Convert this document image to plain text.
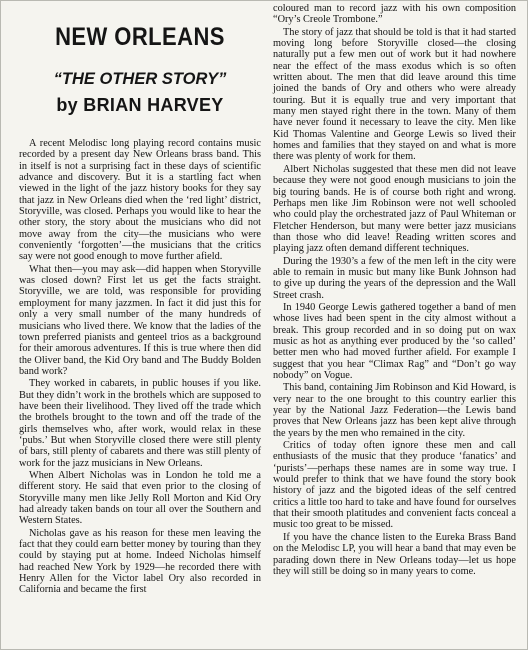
NEW ORLEANS
“THE OTHER STORY”
by BRIAN HARVEY

A recent Melodisc long playing record contains music recorded by a present day New Orleans brass band. This in itself is not a surprising fact in these days of scientific advance and discovery. But it is a startling fact when viewed in the light of the jazz history books for they say that jazz in New Orleans died when the ‘red light’ district, Storyville, was closed. Perhaps you would like to hear the other story, the story about the musicians who did not move away from the city—the musicians who were conveniently ‘forgotten’—the musicians that the critics say were not good enough to move further afield.

What then—you may ask—did happen when Storyville was closed down? First let us get the facts straight. Storyville, we are told, was responsible for providing employment for many jazzmen. In fact it did just this for only a very small number of the many hundreds of musicians who lived there. We know that the ladies of the town preferred pianists and genteel trios as a background for their amorous adventures. If this is true where then did the Oliver band, the Kid Ory band and The Buddy Bolden band work?

They worked in cabarets, in public houses if you like. But they didn’t work in the brothels which are supposed to have been their livelihood. They lived off the trade which the brothels brought to the town and off the trade of the girls themselves who, after work, would relax in these ‘pubs.’ But when Storyville closed there were still plenty of bars, still plenty of cabarets and there was still plenty of work for the jazz musicians in New Orleans.

When Albert Nicholas was in London he told me a different story. He said that even prior to the closing of Storyville many men like Jelly Roll Morton and Kid Ory had already taken bands on tour all over the Southern and Western States.

Nicholas gave as his reason for these men leaving the fact that they could earn better money by touring than they could by staying put at home. Indeed Nicholas himself had reached New York by 1929—he recorded there with Henry Allen for the Victor label Ory also recorded in California and became the first

coloured man to record jazz with his own composition “Ory’s Creole Trombone.”

The story of jazz that should be told is that it had started moving long before Storyville closed—the closing naturally put a few men out of work but it had nowhere near the effect of the mass exodus which is so often written about. The men that did leave around this time joined the bands of Ory and others who were already touring. But it is equally true and very important that many men stayed right there in the town. Many of them have never found it necessary to leave the city. Men like Kid Thomas Valentine and George Lewis so lived their homes and families that they stayed on and what is more there was plenty of work for them.

Albert Nicholas suggested that these men did not leave because they were not good enough musicians to join the big touring bands. He is of course both right and wrong. Perhaps men like Jim Robinson were not well schooled who could play the orchestrated jazz of Paul Whiteman or Fletcher Henderson, but many were better jazz musicians than those who did leave! Reading written scores and playing jazz often demand different techniques.

During the 1930’s a few of the men left in the city were able to remain in music but many like Bunk Johnson had to give up during the years of the depression and the Wall Street crash.

In 1940 George Lewis gathered together a band of men whose lives had been spent in the city almost without a break. This group recorded and in so doing put on wax music as hot as anything ever produced by the ‘so called’ better men who had moved further afield. For example I suggest that you hear “Climax Rag” and “Don’t go way nobody” on Vogue.

This band, containing Jim Robinson and Kid Howard, is very near to the one brought to this country earlier this year by the National Jazz Federation—the Lewis band proves that New Orleans jazz has been kept alive through the years by the men who remained in the city.

Critics of today often ignore these men and call enthusiasts of the music that they produce ‘fanatics’ and ‘purists’—perhaps these names are in some way true. I would prefer to think that we have found the story book history of jazz and the bigoted ideas of the self centred critics a little too hard to take and have found for ourselves that their smooth platitudes and convenient facts conceal a music too great to be missed.

If you have the chance listen to the Eureka Brass Band on the Melodisc LP, you will hear a band that may even be parading down there in New Orleans today—let us hope they will still be doing so in many years to come.
